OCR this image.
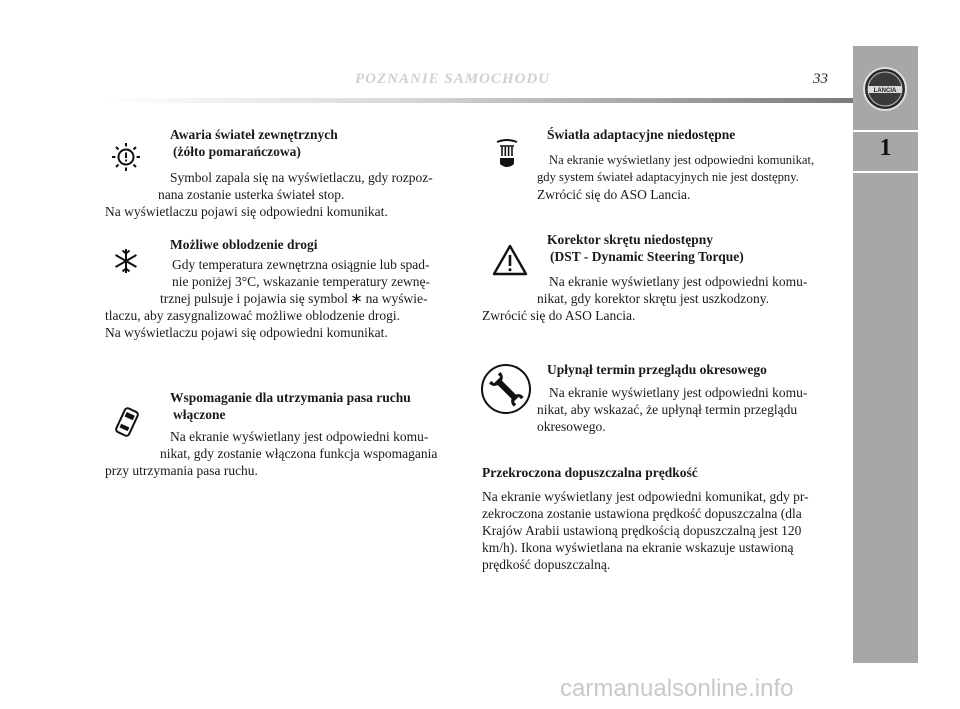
POZNANIE SAMOCHODU	33
LANCIA
1
Awaria świateł zewnętrznych
(żółto pomarańczowa)
Symbol zapala się na wyświetlaczu, gdy rozpoz-
nana zostanie usterka świateł stop.
Na wyświetlaczu pojawi się odpowiedni komunikat.
Możliwe oblodzenie drogi
Gdy temperatura zewnętrzna osiągnie lub spad-
nie poniżej 3°C, wskazanie temperatury zewnę-
trznej pulsuje i pojawia się symbol na wyświe-
tlaczu, aby zasygnalizować możliwe oblodzenie drogi.
Na wyświetlaczu pojawi się odpowiedni komunikat.
Wspomaganie dla utrzymania pasa ruchu
włączone
Na ekranie wyświetlany jest odpowiedni komu-
nikat, gdy zostanie włączona funkcja wspomagania
przy utrzymania pasa ruchu.
Światła adaptacyjne niedostępne
Na ekranie wyświetlany jest odpowiedni komunikat,
gdy system świateł adaptacyjnych nie jest dostępny.
Zwrócić się do ASO Lancia.
Korektor skrętu niedostępny
(DST - Dynamic Steering Torque)
Na ekranie wyświetlany jest odpowiedni komu-
nikat, gdy korektor skrętu jest uszkodzony.
Zwrócić się do ASO Lancia.
Upłynął termin przeglądu okresowego
Na ekranie wyświetlany jest odpowiedni komu-
nikat, aby wskazać, że upłynął termin przeglądu
okresowego.
Przekroczona dopuszczalna prędkość
Na ekranie wyświetlany jest odpowiedni komunikat, gdy pr-
zekroczona zostanie ustawiona prędkość dopuszczalna (dla
Krajów Arabii ustawioną prędkością dopuszczalną jest 120
km/h). Ikona wyświetlana na ekranie wskazuje ustawioną
prędkość dopuszczalną.
carmanualsonline.info
